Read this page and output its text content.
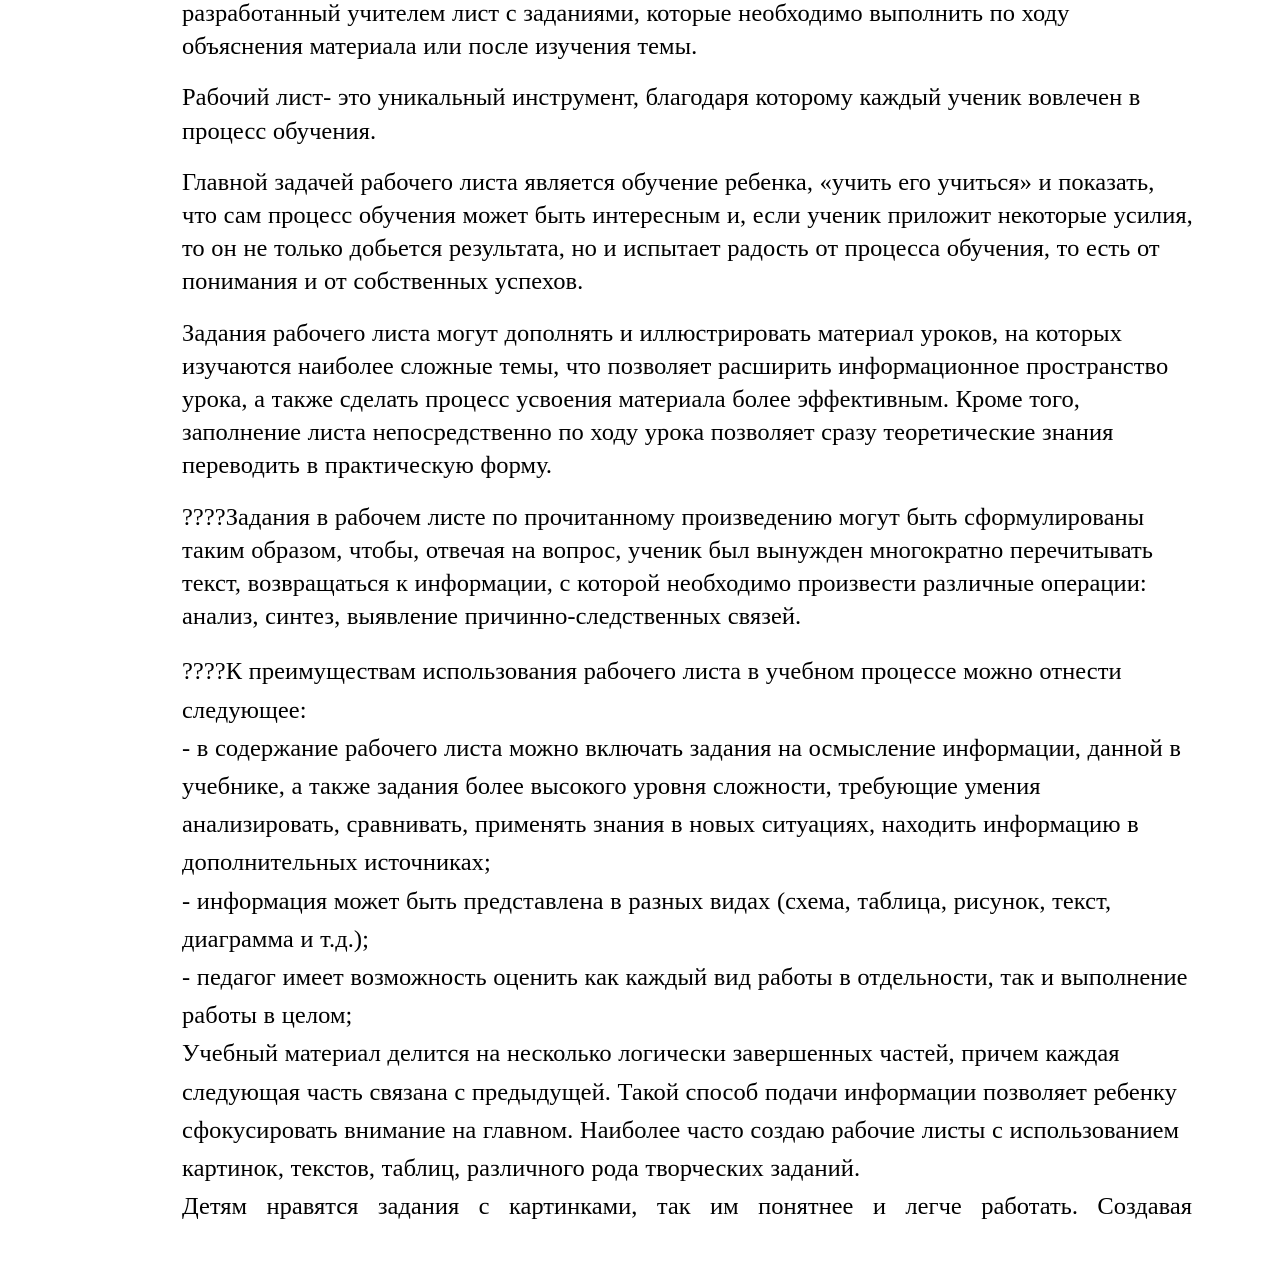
разработанный учителем лист с заданиями, которые необходимо выполнить по ходу объяснения материала или после изучения темы.

Рабочий лист- это уникальный инструмент, благодаря которому каждый ученик вовлечен в процесс обучения.

Главной задачей рабочего листа является обучение ребенка, «учить его учиться» и показать, что сам процесс обучения может быть интересным и, если ученик приложит некоторые усилия, то он не только добьется результата, но и испытает радость от процесса обучения, то есть от понимания и от собственных успехов.

Задания рабочего листа могут дополнять и иллюстрировать материал уроков, на которых изучаются наиболее сложные темы, что позволяет расширить информационное пространство урока, а также сделать процесс усвоения материала более эффективным. Кроме того, заполнение листа непосредственно по ходу урока позволяет сразу теоретические знания переводить в практическую форму.

????Задания в рабочем листе по прочитанному произведению могут быть сформулированы таким образом, чтобы, отвечая на вопрос, ученик был вынужден многократно перечитывать текст, возвращаться к информации, с которой необходимо произвести различные операции: анализ, синтез, выявление причинно-следственных связей.

????К преимуществам использования рабочего листа в учебном процессе можно отнести следующее:
- в содержание рабочего листа можно включать задания на осмысление информации, данной в учебнике, а также задания более высокого уровня сложности, требующие умения анализировать, сравнивать, применять знания в новых ситуациях, находить информацию в дополнительных источниках;
- информация может быть представлена в разных видах (схема, таблица, рисунок, текст, диаграмма и т.д.);
- педагог имеет возможность оценить как каждый вид работы в отдельности, так и выполнение работы в целом;
Учебный материал делится на несколько логически завершенных частей, причем каждая следующая часть связана с предыдущей. Такой способ подачи информации позволяет ребенку сфокусировать внимание на главном. Наиболее часто создаю рабочие листы с использованием картинок, текстов, таблиц, различного рода творческих заданий.
Детям нравятся задания с картинками, так им понятнее и легче работать. Создавая
